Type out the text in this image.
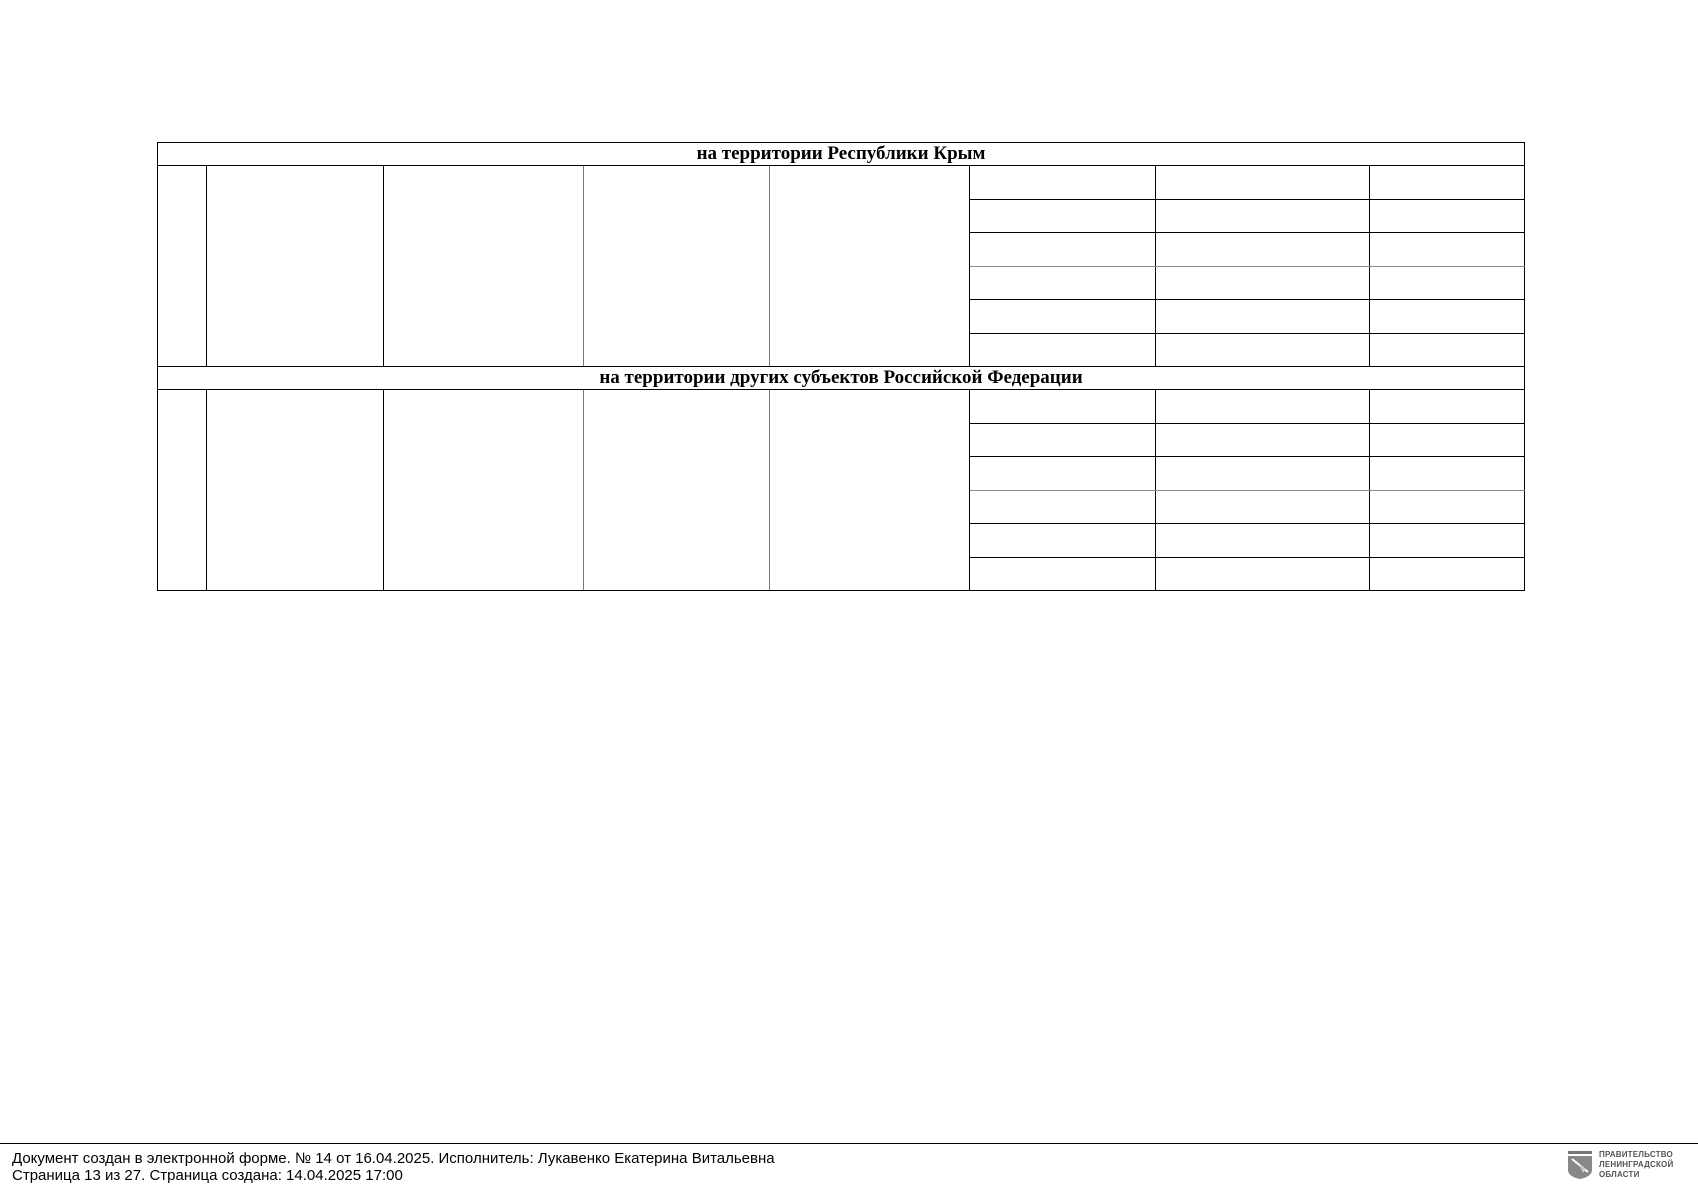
на территории Республики Крым							

на территории других субъектов Российской Федерации							

Документ создан в электронной форме. № 14 от 16.04.2025. Исполнитель: Лукавенко Екатерина Витальевна
Страница 13 из 27. Страница создана: 14.04.2025 17:00
ПРАВИТЕЛЬСТВО
ЛЕНИНГРАДСКОЙ
ОБЛАСТИ
